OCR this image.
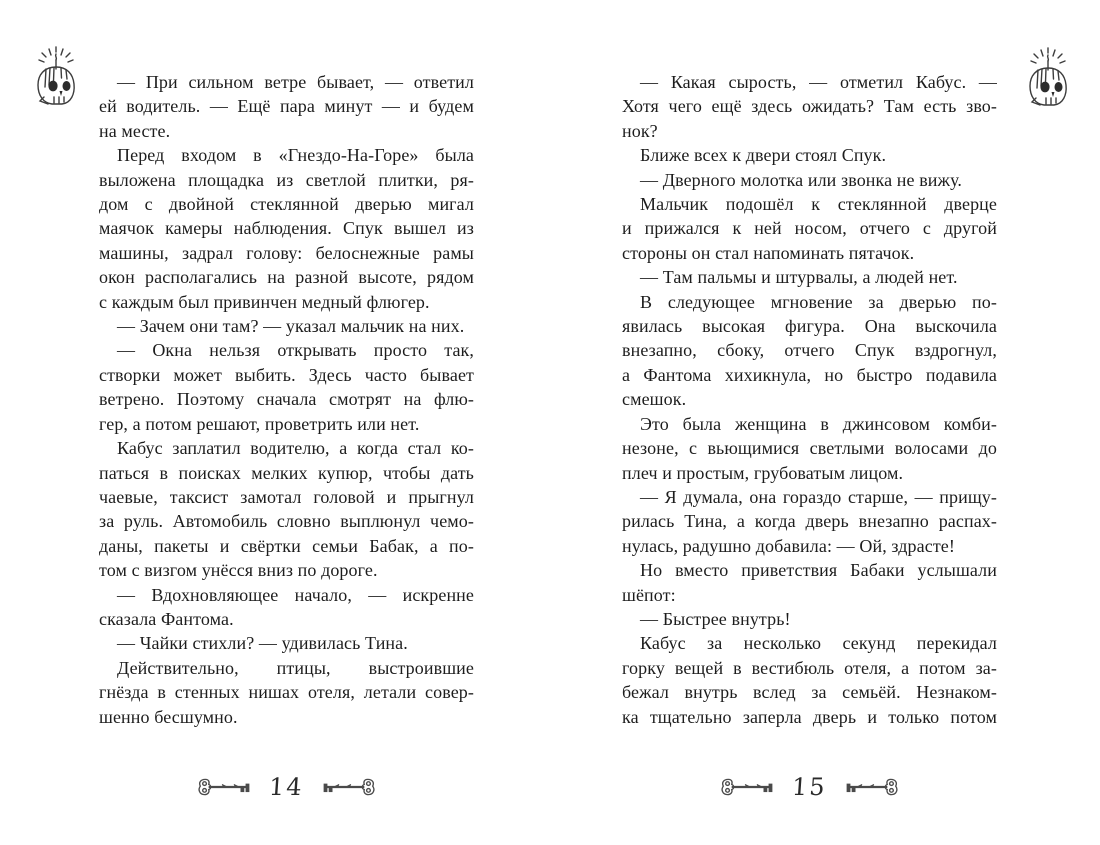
— При сильном ветре бывает, — ответил
ей водитель. — Ещё пара минут — и будем
на месте.

Перед входом в «Гнездо-На-Горе» была
выложена площадка из светлой плитки, ря-
дом с двойной стеклянной дверью мигал
маячок камеры наблюдения. Спук вышел из
машины, задрал голову: белоснежные рамы
окон располагались на разной высоте, рядом
с каждым был привинчен медный флюгер.

— Зачем они там? — указал мальчик на них.

— Окна нельзя открывать просто так,
створки может выбить. Здесь часто бывает
ветрено. Поэтому сначала смотрят на флю-
гер, а потом решают, проветрить или нет.

Кабус заплатил водителю, а когда стал ко-
паться в поисках мелких купюр, чтобы дать
чаевые, таксист замотал головой и прыгнул
за руль. Автомобиль словно выплюнул чемо-
даны, пакеты и свёртки семьи Бабак, а по-
том с визгом унёсся вниз по дороге.

— Вдохновляющее начало, — искренне
сказала Фантома.

— Чайки стихли? — удивилась Тина.

Действительно, птицы, выстроившие
гнёзда в стенных нишах отеля, летали совер-
шенно бесшумно.

— Какая сырость, — отметил Кабус. —
Хотя чего ещё здесь ожидать? Там есть зво-
нок?

Ближе всех к двери стоял Спук.

— Дверного молотка или звонка не вижу.

Мальчик подошёл к стеклянной дверце
и прижался к ней носом, отчего с другой
стороны он стал напоминать пятачок.

— Там пальмы и штурвалы, а людей нет.

В следующее мгновение за дверью по-
явилась высокая фигура. Она выскочила
внезапно, сбоку, отчего Спук вздрогнул,
а Фантома хихикнула, но быстро подавила
смешок.

Это была женщина в джинсовом комби-
незоне, с вьющимися светлыми волосами до
плеч и простым, грубоватым лицом.

— Я думала, она гораздо старше, — прищу-
рилась Тина, а когда дверь внезапно распах-
нулась, радушно добавила: — Ой, здрасте!

Но вместо приветствия Бабаки услышали
шёпот:

— Быстрее внутрь!

Кабус за несколько секунд перекидал
горку вещей в вестибюль отеля, а потом за-
бежал внутрь вслед за семьёй. Незнаком-
ка тщательно заперла дверь и только потом

14	15
